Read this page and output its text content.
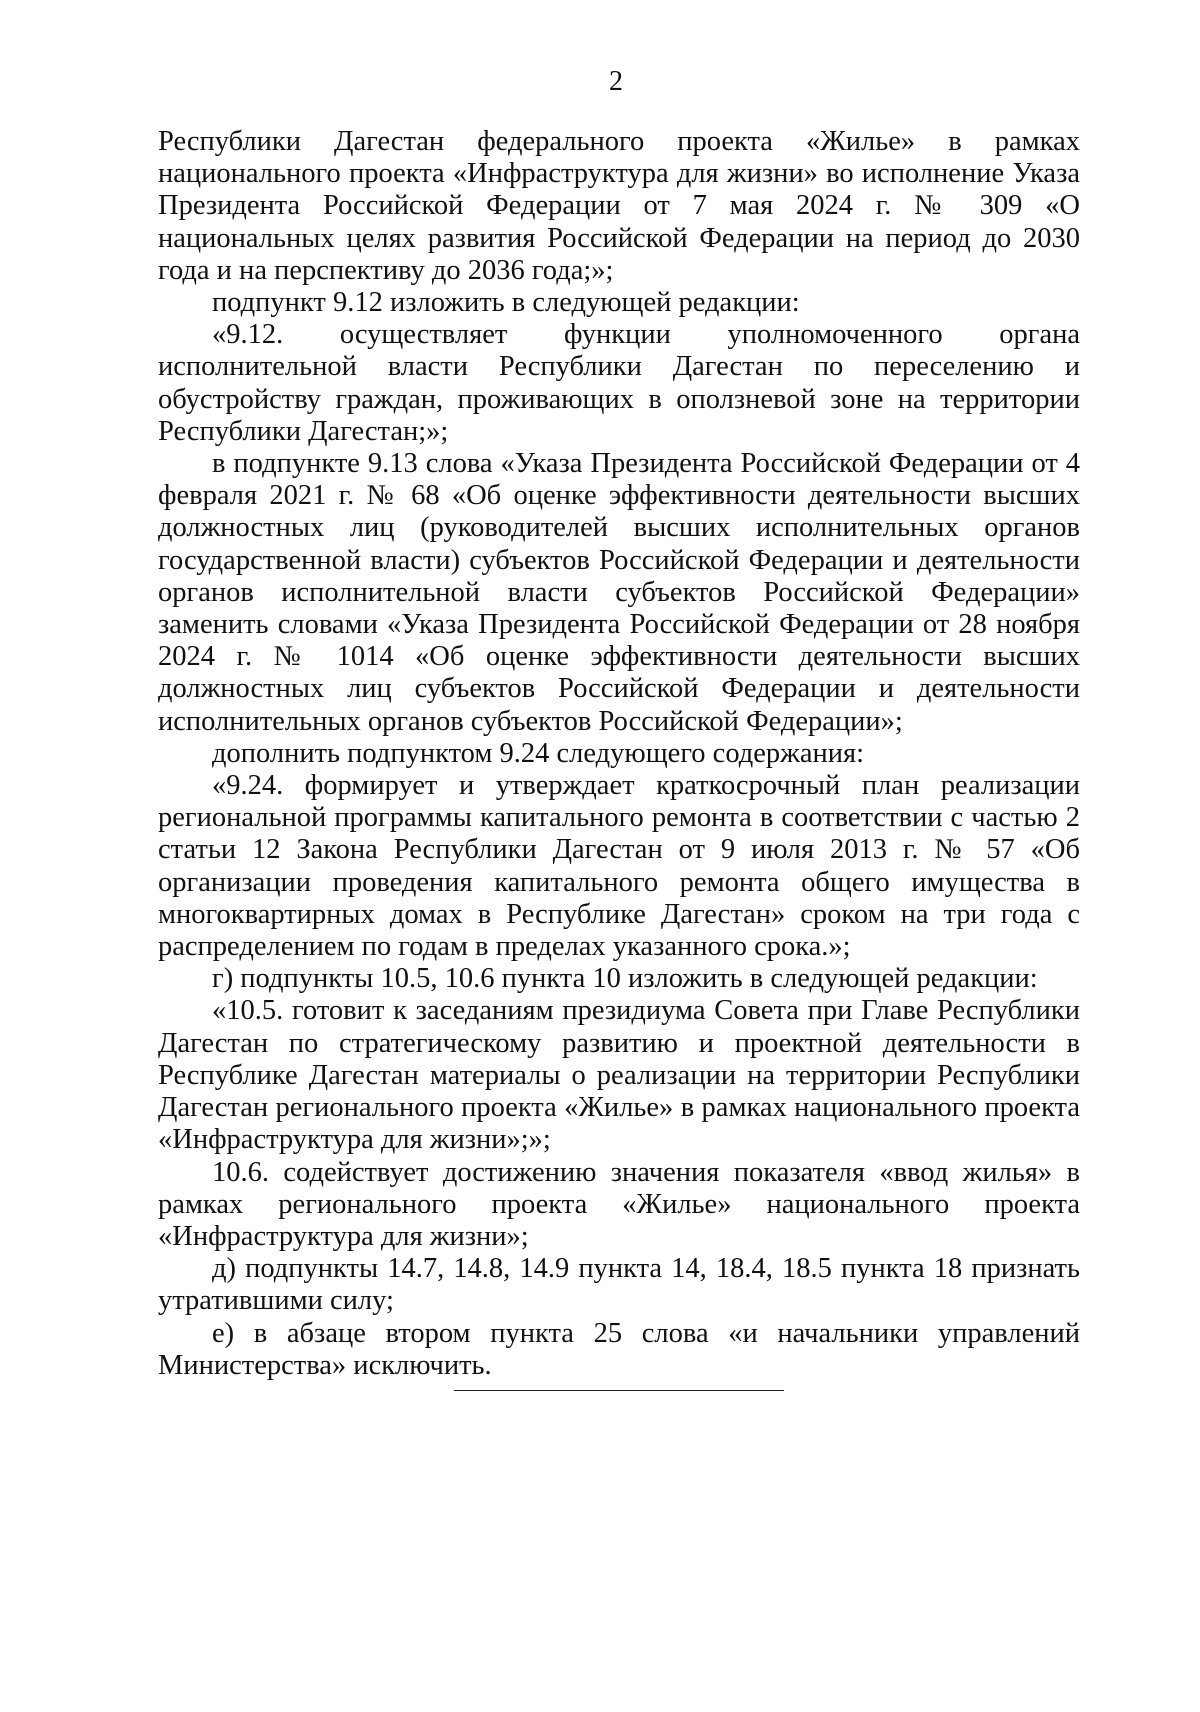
2

Республики Дагестан федерального проекта «Жилье» в рамках национального проекта «Инфраструктура для жизни» во исполнение Указа Президента Российской Федерации от 7 мая 2024 г. № 309 «О национальных целях развития Российской Федерации на период до 2030 года и на перспективу до 2036 года;»;

подпункт 9.12 изложить в следующей редакции:

«9.12. осуществляет функции уполномоченного органа исполнительной власти Республики Дагестан по переселению и обустройству граждан, проживающих в оползневой зоне на территории Республики Дагестан;»;

в подпункте 9.13 слова «Указа Президента Российской Федерации от 4 февраля 2021 г. № 68 «Об оценке эффективности деятельности высших должностных лиц (руководителей высших исполнительных органов государственной власти) субъектов Российской Федерации и деятельности органов исполнительной власти субъектов Российской Федерации» заменить словами «Указа Президента Российской Федерации от 28 ноября 2024 г. № 1014 «Об оценке эффективности деятельности высших должностных лиц субъектов Российской Федерации и деятельности исполнительных органов субъектов Российской Федерации»;

дополнить подпунктом 9.24 следующего содержания:

«9.24. формирует и утверждает краткосрочный план реализации региональной программы капитального ремонта в соответствии с частью 2 статьи 12 Закона Республики Дагестан от 9 июля 2013 г. № 57 «Об организации проведения капитального ремонта общего имущества в многоквартирных домах в Республике Дагестан» сроком на три года с распределением по годам в пределах указанного срока.»;

г) подпункты 10.5, 10.6 пункта 10 изложить в следующей редакции:

«10.5. готовит к заседаниям президиума Совета при Главе Республики Дагестан по стратегическому развитию и проектной деятельности в Республике Дагестан материалы о реализации на территории Республики Дагестан регионального проекта «Жилье» в рамках национального проекта «Инфраструктура для жизни»;»;

10.6. содействует достижению значения показателя «ввод жилья» в рамках регионального проекта «Жилье» национального проекта «Инфраструктура для жизни»;

д) подпункты 14.7, 14.8, 14.9 пункта 14, 18.4, 18.5 пункта 18 признать утратившими силу;

е) в абзаце втором пункта 25 слова «и начальники управлений Министерства» исключить.
